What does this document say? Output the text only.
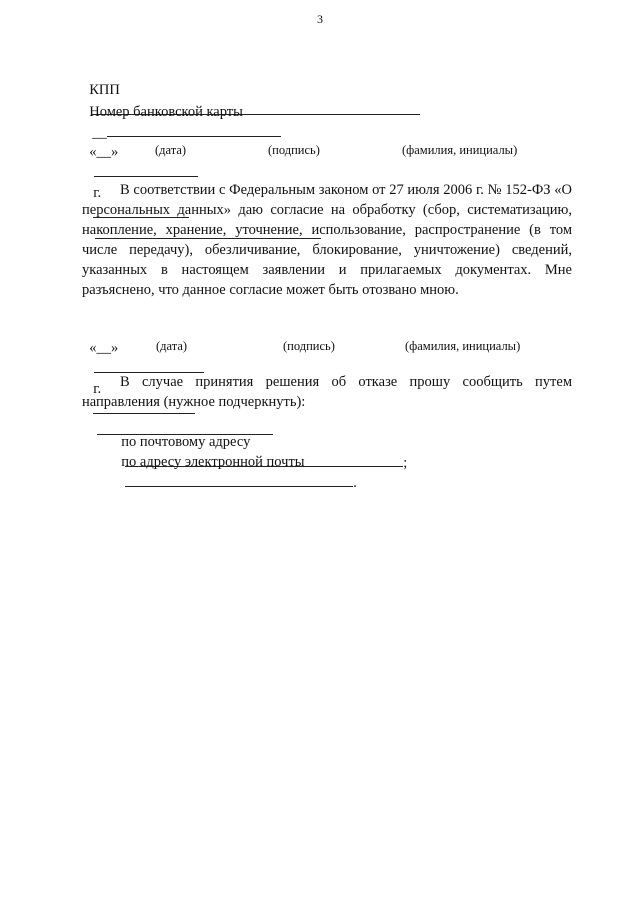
3

КПП

Номер банковской карты
__

«__»

г.

(дата)	(подпись)	(фамилия, инициалы)

В соответствии с Федеральным законом от 27 июля 2006 г. № 152-ФЗ «О персональных данных» даю согласие на обработку (сбор, систематизацию, накопление, хранение, уточнение, использование, распространение (в том числе передачу), обезличивание, блокирование, уничтожение) сведений, указанных в настоящем заявлении и прилагаемых документах. Мне разъяснено, что данное согласие может быть отозвано мною.

«__»

г.

(дата)	(подпись)	(фамилия, инициалы)

В случае принятия решения об отказе прошу сообщить путем направления (нужное подчеркнуть):

по почтовому адресу
;

по адресу электронной почты
.
